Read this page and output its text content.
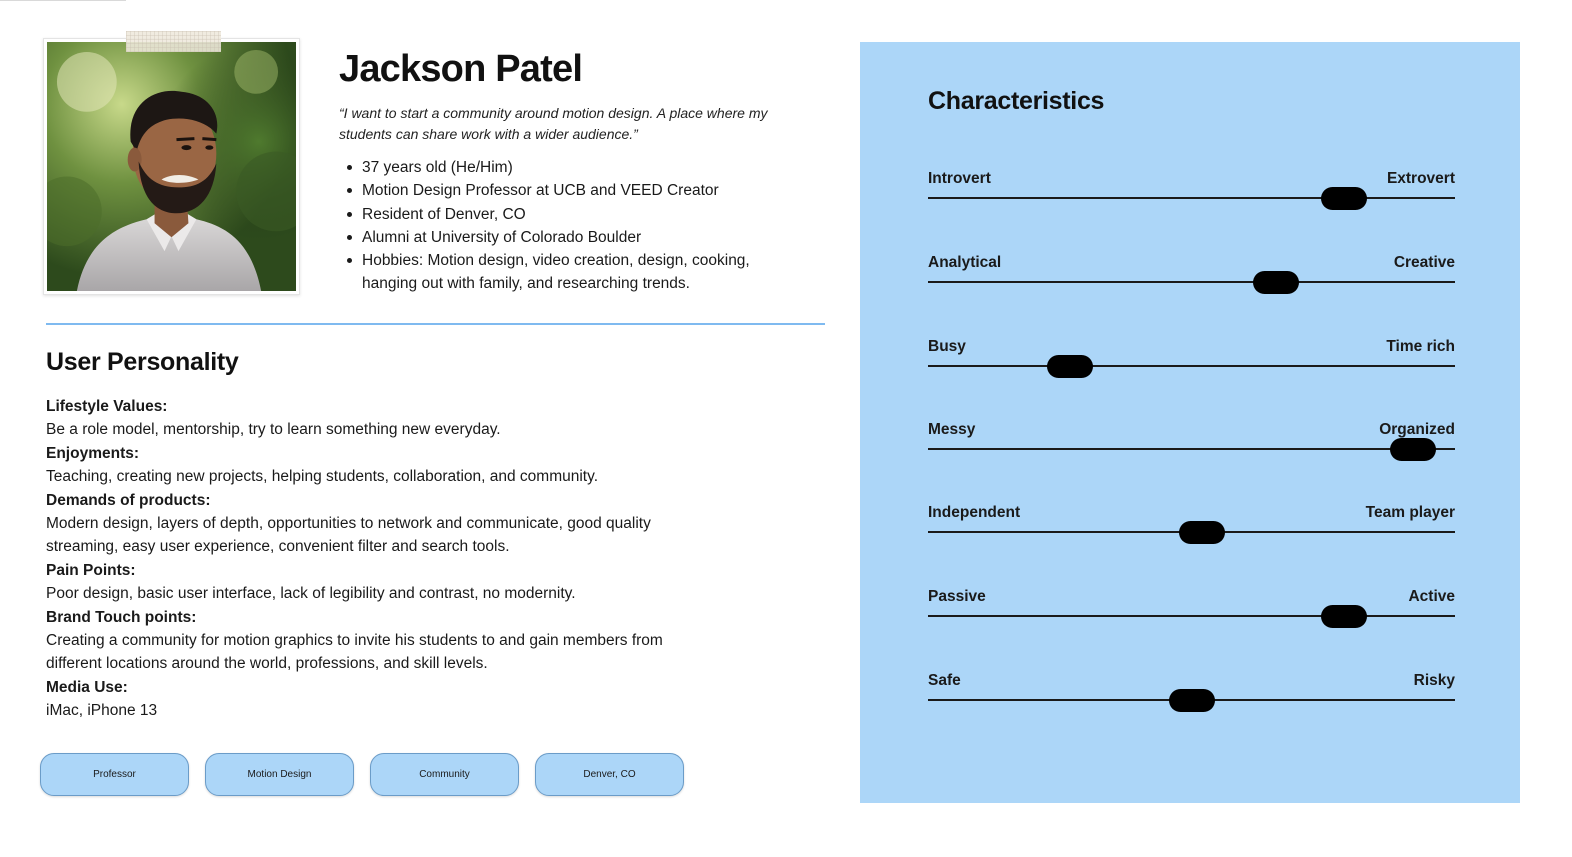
Jackson Patel
“I want to start a community around motion design. A place where my students can share work with a wider audience.”
37 years old (He/Him)
Motion Design Professor at UCB and VEED Creator
Resident of Denver, CO
Alumni at University of Colorado Boulder
Hobbies: Motion design, video creation, design, cooking, hanging out with family, and researching trends.
User Personality
Lifestyle Values:
Be a role model, mentorship, try to learn something new everyday.
Enjoyments:
Teaching, creating new projects, helping students, collaboration, and community.
Demands of products:
Modern design, layers of depth, opportunities to network and communicate, good quality streaming, easy user experience, convenient filter and search tools.
Pain Points:
Poor design, basic user interface, lack of legibility and contrast, no modernity.
Brand Touch points:
Creating a community for motion graphics to invite his students to and gain members from different locations around the world, professions, and skill levels.
Media Use:
iMac, iPhone 13
Professor	Motion Design	Community	Denver, CO
Characteristics
Introvert	Extrovert
Analytical	Creative
Busy	Time rich
Messy	Organized
Independent	Team player
Passive	Active
Safe	Risky
